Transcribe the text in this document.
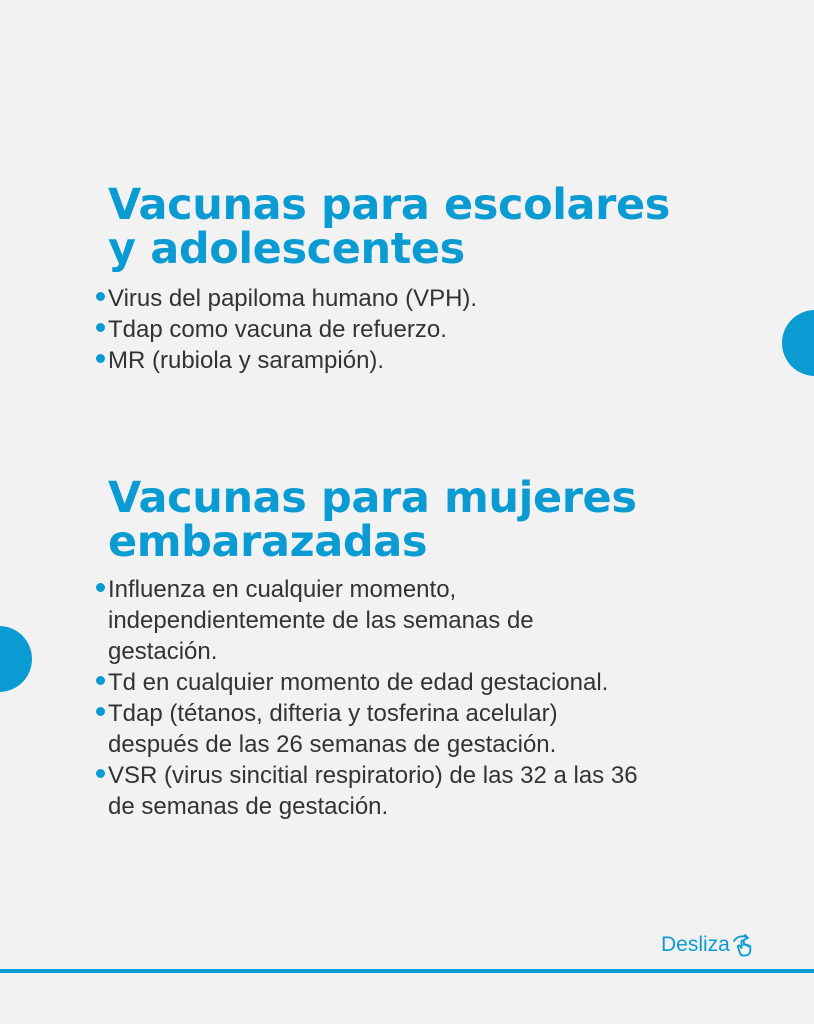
Vacunas para escolares
y adolescentes
Virus del papiloma humano (VPH).
Tdap como vacuna de refuerzo.
MR (rubiola y sarampión).
Vacunas para mujeres
embarazadas
Influenza en cualquier momento,
independientemente de las semanas de
gestación.
Td en cualquier momento de edad gestacional.
Tdap (tétanos, difteria y tosferina acelular)
después de las 26 semanas de gestación.
VSR (virus sincitial respiratorio) de las 32 a las 36
de semanas de gestación.
Desliza
